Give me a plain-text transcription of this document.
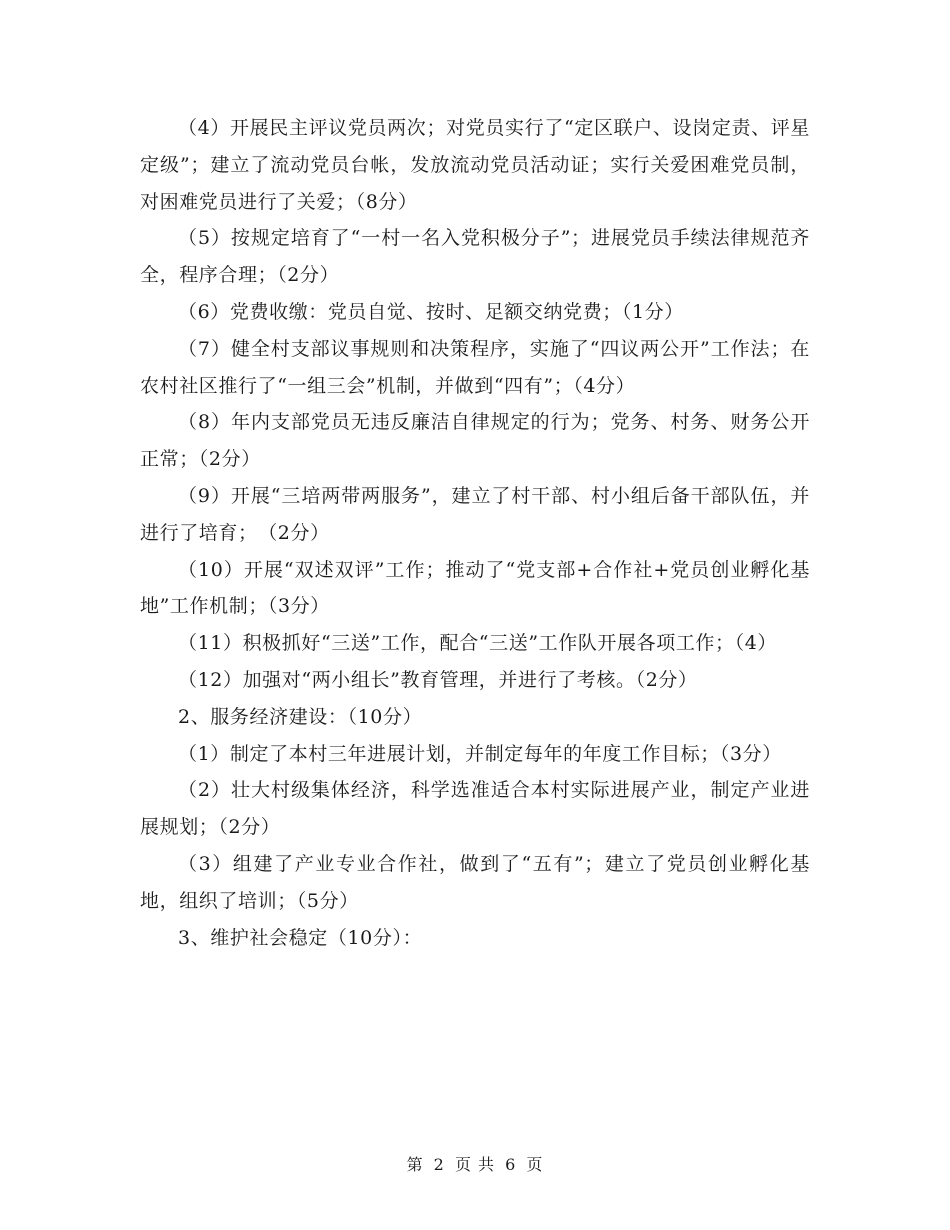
（4）开展民主评议党员两次；对党员实行了“定区联户、设岗定责、评星定级”；建立了流动党员台帐，发放流动党员活动证；实行关爱困难党员制，对困难党员进行了关爱；（8分）

（5）按规定培育了“一村一名入党积极分子”；进展党员手续法律规范齐全，程序合理；（2分）

（6）党费收缴：党员自觉、按时、足额交纳党费；（1分）

（7）健全村支部议事规则和决策程序，实施了“四议两公开”工作法；在农村社区推行了“一组三会”机制，并做到“四有”；（4分）

（8）年内支部党员无违反廉洁自律规定的行为；党务、村务、财务公开正常；（2分）

（9）开展“三培两带两服务”，建立了村干部、村小组后备干部队伍，并进行了培育；　（2分）

（10）开展“双述双评”工作；推动了“党支部+合作社+党员创业孵化基地”工作机制；（3分）

（11）积极抓好“三送”工作，配合“三送”工作队开展各项工作；（4）

（12）加强对“两小组长”教育管理，并进行了考核。（2分）

2、服务经济建设：（10分）

（1）制定了本村三年进展计划，并制定每年的年度工作目标；（3分）

（2）壮大村级集体经济，科学选准适合本村实际进展产业，制定产业进展规划；（2分）

（3）组建了产业专业合作社，做到了“五有”；建立了党员创业孵化基地，组织了培训；（5分）

3、维护社会稳定（10分）：

第 2 页 共 6 页
